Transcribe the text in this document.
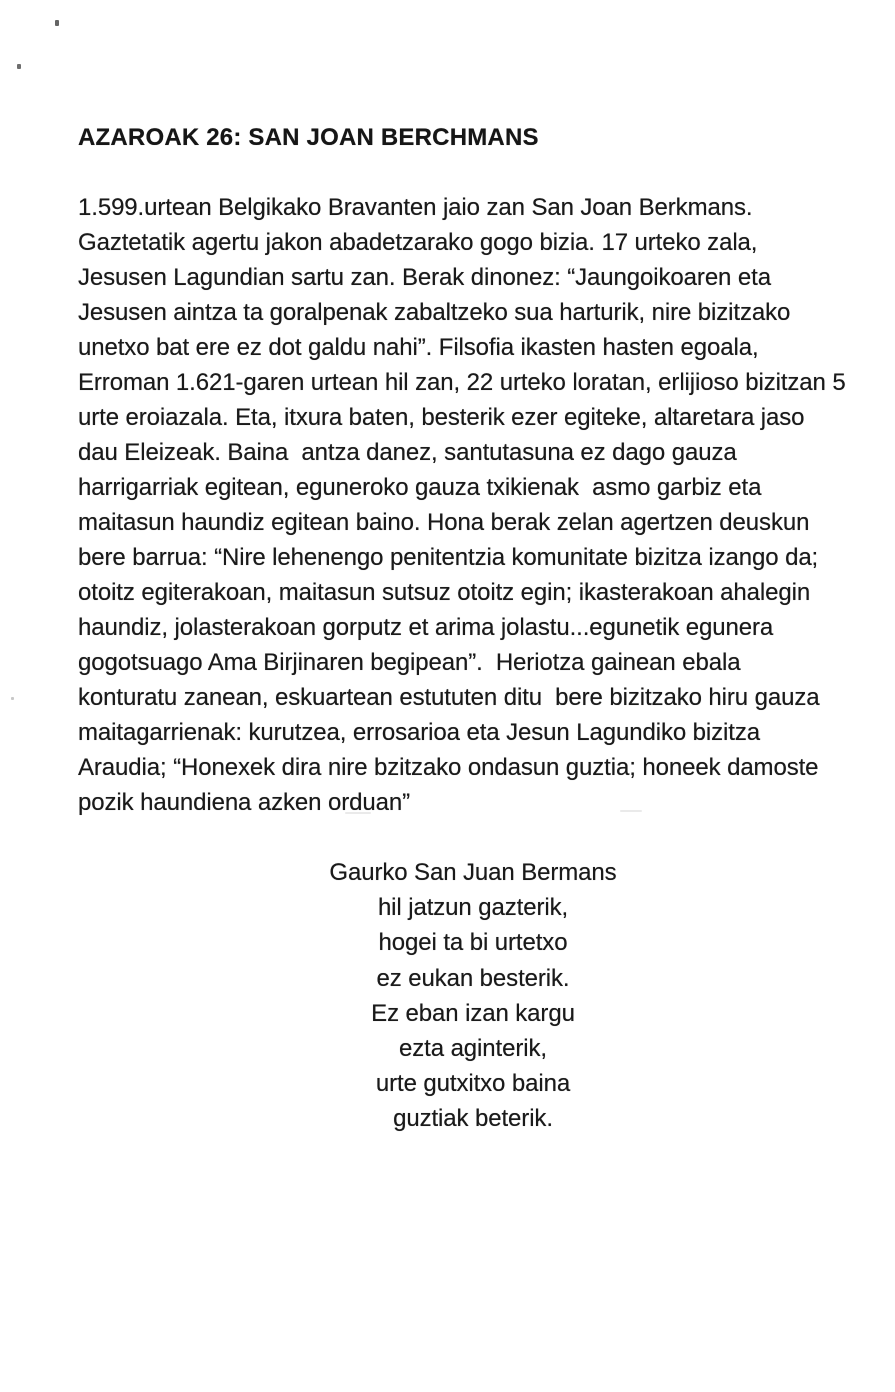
AZAROAK 26: SAN JOAN BERCHMANS
1.599.urtean Belgikako Bravanten jaio zan San Joan Berkmans.
Gaztetatik agertu jakon abadetzarako gogo bizia. 17 urteko zala,
Jesusen Lagundian sartu zan. Berak dinonez: “Jaungoikoaren eta
Jesusen aintza ta goralpenak zabaltzeko sua harturik, nire bizitzako
unetxo bat ere ez dot galdu nahi”. Filsofia ikasten hasten egoala,
Erroman 1.621-garen urtean hil zan, 22 urteko loratan, erlijioso bizitzan 5
urte eroiazala. Eta, itxura baten, besterik ezer egiteke, altaretara jaso
dau Eleizeak. Baina  antza danez, santutasuna ez dago gauza
harrigarriak egitean, eguneroko gauza txikienak  asmo garbiz eta
maitasun haundiz egitean baino. Hona berak zelan agertzen deuskun
bere barrua: “Nire lehenengo penitentzia komunitate bizitza izango da;
otoitz egiterakoan, maitasun sutsuz otoitz egin; ikasterakoan ahalegin
haundiz, jolasterakoan gorputz et arima jolastu...egunetik egunera
gogotsuago Ama Birjinaren begipean”.  Heriotza gainean ebala
konturatu zanean, eskuartean estututen ditu  bere bizitzako hiru gauza
maitagarrienak: kurutzea, errosarioa eta Jesun Lagundiko bizitza
Araudia; “Honexek dira nire bzitzako ondasun guztia; honeek damoste
pozik haundiena azken orduan”
Gaurko San Juan Bermans
hil jatzun gazterik,
hogei ta bi urtetxo
ez eukan besterik.
Ez eban izan kargu
ezta aginterik,
urte gutxitxo baina
guztiak beterik.
